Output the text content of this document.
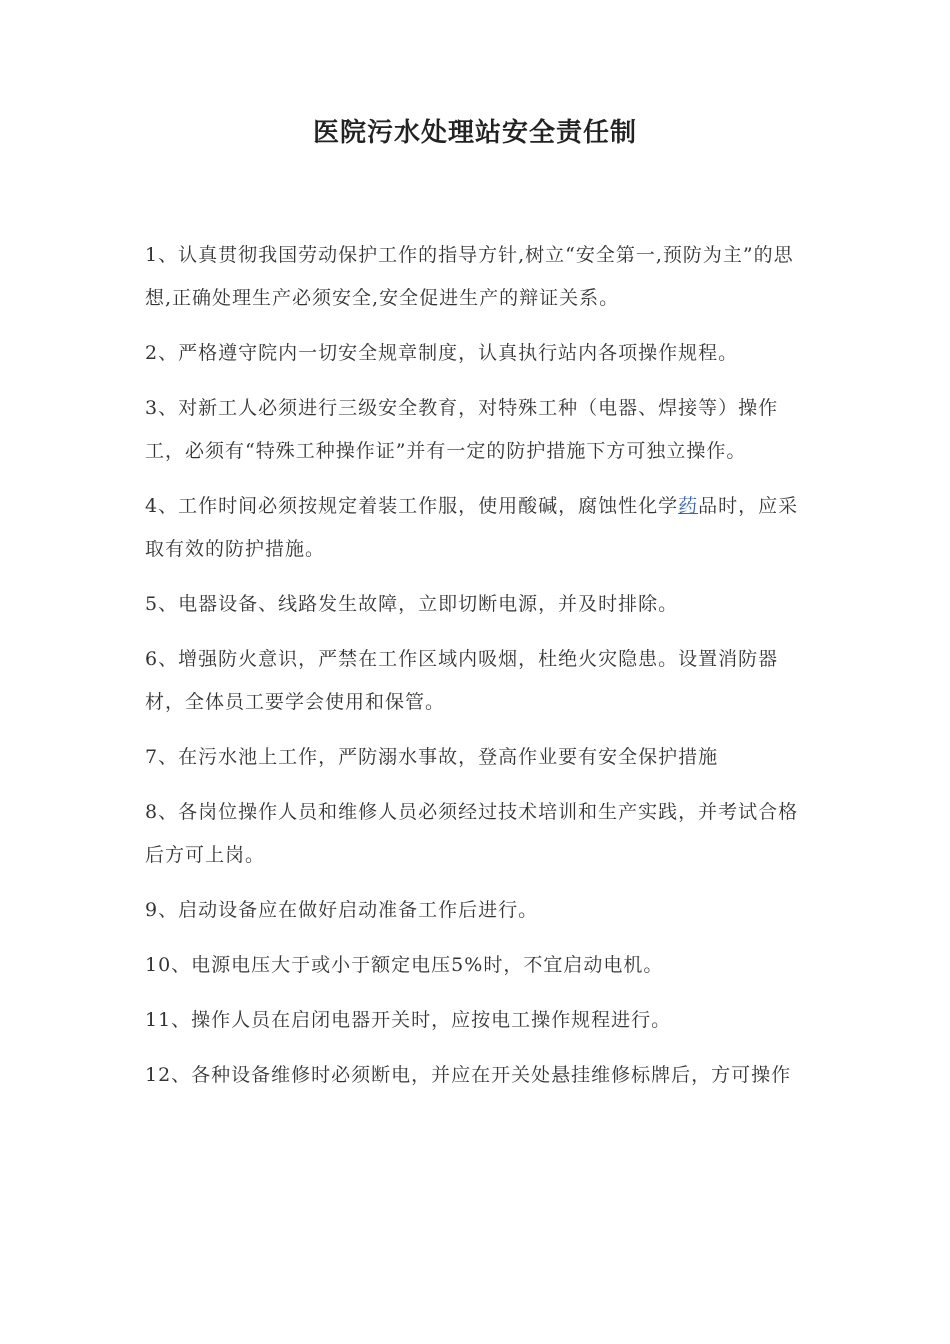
医院污水处理站安全责任制
1、认真贯彻我国劳动保护工作的指导方针,树立“安全第一,预防为主”的思想,正确处理生产必须安全,安全促进生产的辩证关系。
2、严格遵守院内一切安全规章制度，认真执行站内各项操作规程。
3、对新工人必须进行三级安全教育，对特殊工种（电器、焊接等）操作工，必须有“特殊工种操作证”并有一定的防护措施下方可独立操作。
4、工作时间必须按规定着装工作服，使用酸碱，腐蚀性化学药品时，应采取有效的防护措施。
5、电器设备、线路发生故障，立即切断电源，并及时排除。
6、增强防火意识，严禁在工作区域内吸烟，杜绝火灾隐患。设置消防器材，全体员工要学会使用和保管。
7、在污水池上工作，严防溺水事故，登高作业要有安全保护措施
8、各岗位操作人员和维修人员必须经过技术培训和生产实践，并考试合格后方可上岗。
9、启动设备应在做好启动准备工作后进行。
10、电源电压大于或小于额定电压5%时，不宜启动电机。
11、操作人员在启闭电器开关时，应按电工操作规程进行。
12、各种设备维修时必须断电，并应在开关处悬挂维修标牌后，方可操作
